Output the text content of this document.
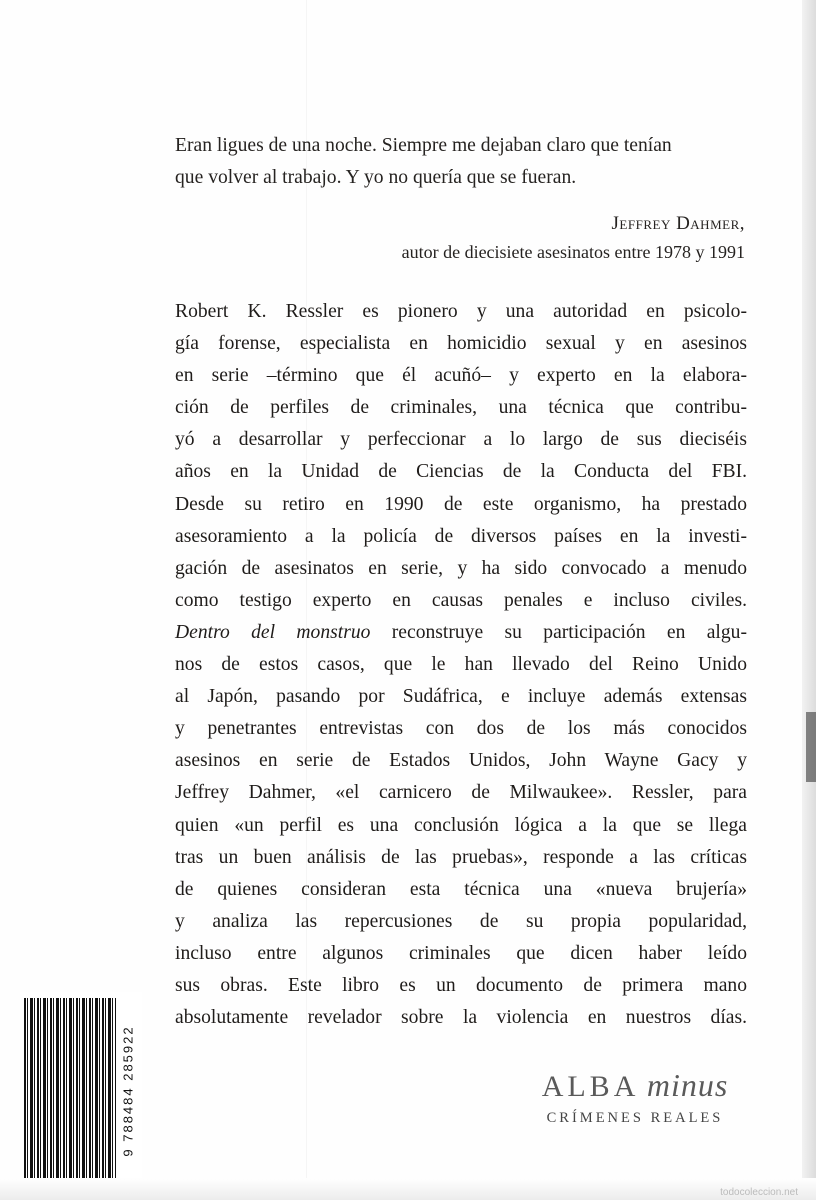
Eran ligues de una noche. Siempre me dejaban claro que tenían

que volver al trabajo. Y yo no quería que se fueran.

Jeffrey Dahmer,
autor de diecisiete asesinatos entre 1978 y 1991
Robert K. Ressler es pionero y una autoridad en psicolo-
gía forense, especialista en homicidio sexual y en asesinos
en serie –término que él acuñó– y experto en la elabora-
ción de perfiles de criminales, una técnica que contribu-
yó a desarrollar y perfeccionar a lo largo de sus dieciséis
años en la Unidad de Ciencias de la Conducta del FBI.
Desde su retiro en 1990 de este organismo, ha prestado
asesoramiento a la policía de diversos países en la investi-
gación de asesinatos en serie, y ha sido convocado a menudo
como testigo experto en causas penales e incluso civiles.
Dentro del monstruo reconstruye su participación en algu-
nos de estos casos, que le han llevado del Reino Unido
al Japón, pasando por Sudáfrica, e incluye además extensas
y penetrantes entrevistas con dos de los más conocidos
asesinos en serie de Estados Unidos, John Wayne Gacy y
Jeffrey Dahmer, «el carnicero de Milwaukee». Ressler, para
quien «un perfil es una conclusión lógica a la que se llega
tras un buen análisis de las pruebas», responde a las críticas
de quienes consideran esta técnica una «nueva brujería»
y analiza las repercusiones de su propia popularidad,
incluso entre algunos criminales que dicen haber leído
sus obras. Este libro es un documento de primera mano
absolutamente revelador sobre la violencia en nuestros días.
9 788484 285922	ALBA minus
CRÍMENES REALES
todocoleccion.net
